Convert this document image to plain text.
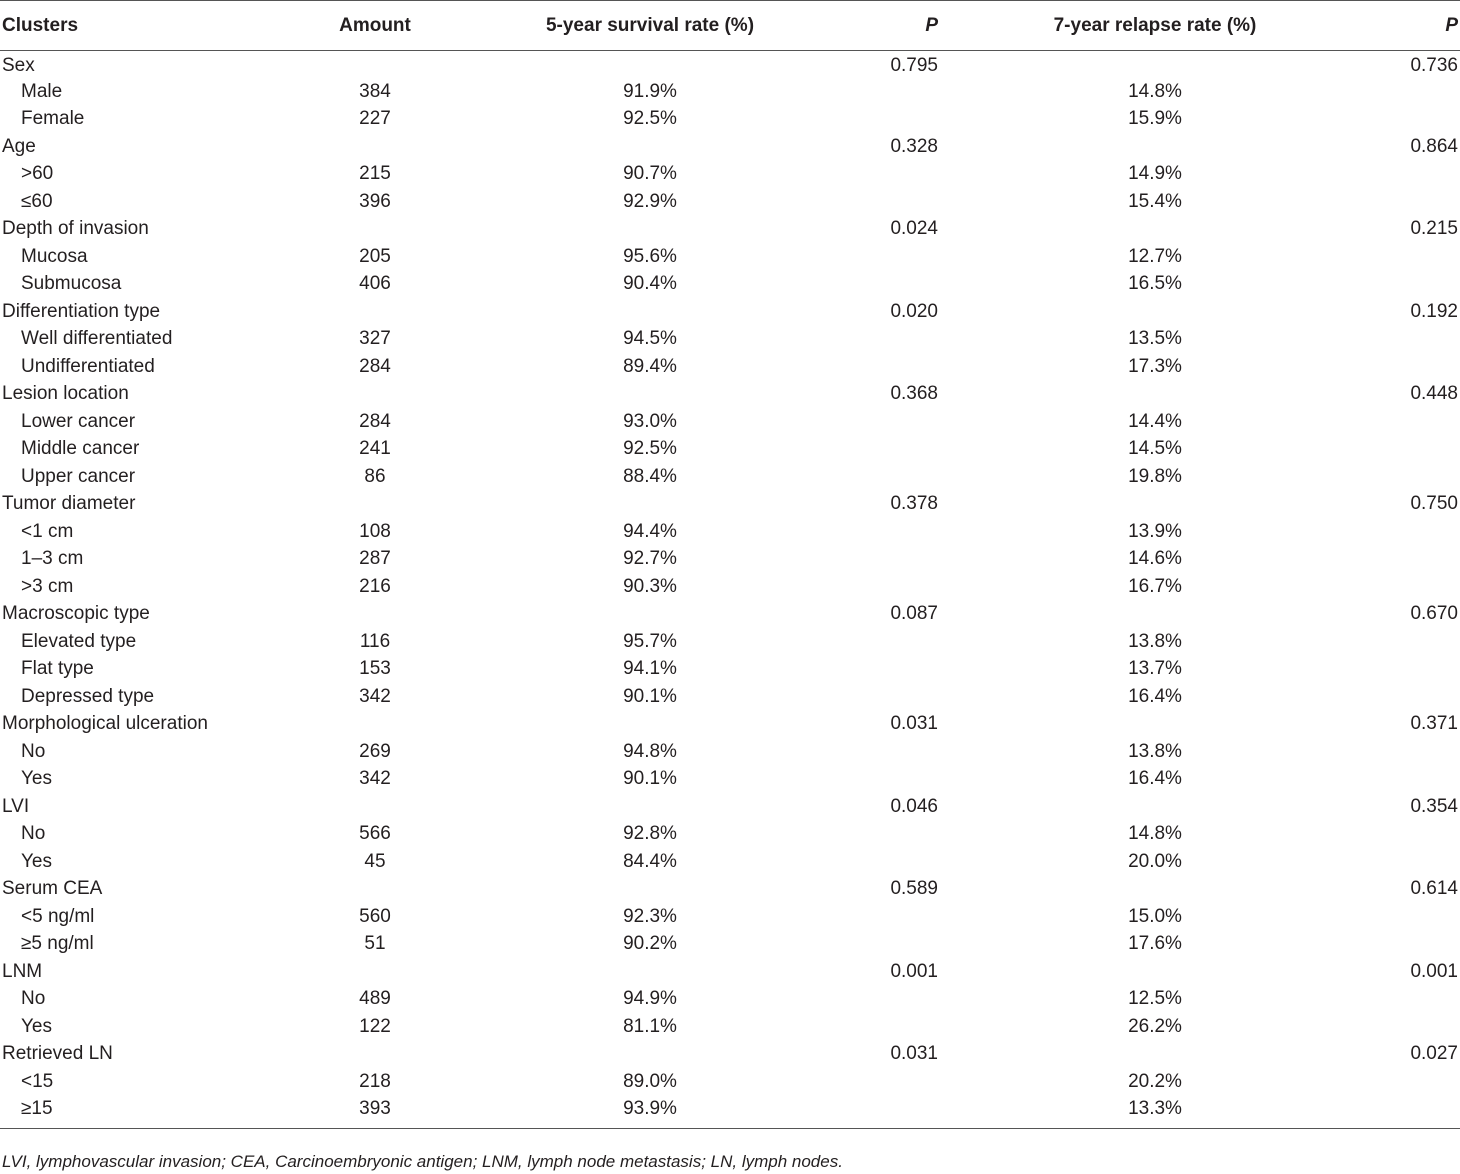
Clusters	Amount	5-year survival rate (%)	P	7-year relapse rate (%)	P
Sex			0.795		0.736
Male	384	91.9%		14.8%	
Female	227	92.5%		15.9%	
Age			0.328		0.864
>60	215	90.7%		14.9%	
≤60	396	92.9%		15.4%	
Depth of invasion			0.024		0.215
Mucosa	205	95.6%		12.7%	
Submucosa	406	90.4%		16.5%	
Differentiation type			0.020		0.192
Well differentiated	327	94.5%		13.5%	
Undifferentiated	284	89.4%		17.3%	
Lesion location			0.368		0.448
Lower cancer	284	93.0%		14.4%	
Middle cancer	241	92.5%		14.5%	
Upper cancer	86	88.4%		19.8%	
Tumor diameter			0.378		0.750
<1 cm	108	94.4%		13.9%	
1–3 cm	287	92.7%		14.6%	
>3 cm	216	90.3%		16.7%	
Macroscopic type			0.087		0.670
Elevated type	116	95.7%		13.8%	
Flat type	153	94.1%		13.7%	
Depressed type	342	90.1%		16.4%	
Morphological ulceration			0.031		0.371
No	269	94.8%		13.8%	
Yes	342	90.1%		16.4%	
LVI			0.046		0.354
No	566	92.8%		14.8%	
Yes	45	84.4%		20.0%	
Serum CEA			0.589		0.614
<5 ng/ml	560	92.3%		15.0%	
≥5 ng/ml	51	90.2%		17.6%	
LNM			0.001		0.001
No	489	94.9%		12.5%	
Yes	122	81.1%		26.2%	
Retrieved LN			0.031		0.027
<15	218	89.0%		20.2%	
≥15	393	93.9%		13.3%	
LVI, lymphovascular invasion; CEA, Carcinoembryonic antigen; LNM, lymph node metastasis; LN, lymph nodes.
